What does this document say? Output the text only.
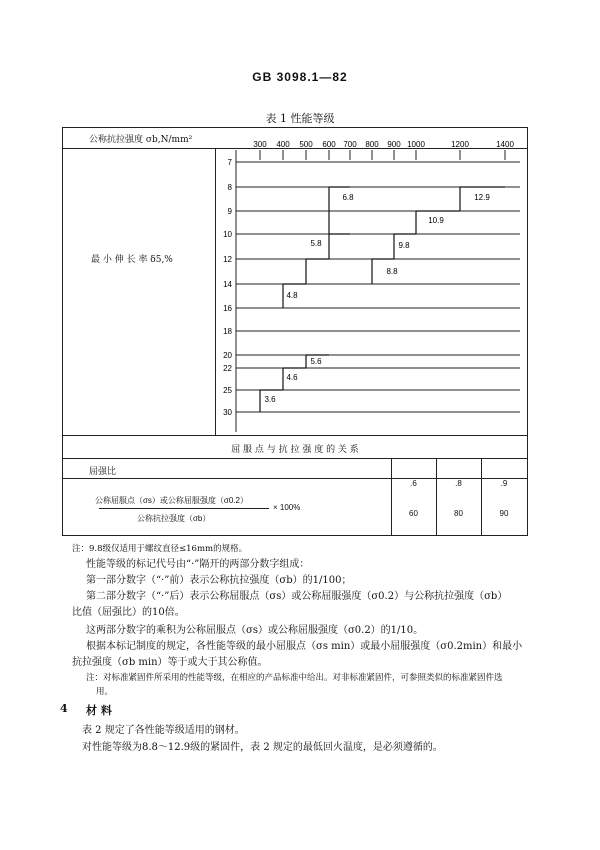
GB 3098.1—82
表 1 性能等级
公称抗拉强度 σb,N/mm²
最 小 伸 长 率 δ5,%
屈 服 点 与 抗 拉 强 度 的 关 系
屈强比
公称屈服点（σs）或公称屈服强度（σ0.2）
× 100%
公称抗拉强度（σb）
.6	.8	.9
60	80	90
300 400 500 600 700 800 900 1000	1200	1400
7
8
9
10
12
14
16
18
20
22
25
30
3.6
4.6
5.6
4.8
5.8
6.8
8.8
9.8
10.9
12.9
注：9.8级仅适用于螺纹直径≤16mm的规格。
性能等级的标记代号由“·”隔开的两部分数字组成：
第一部分数字（“·”前）表示公称抗拉强度（σb）的1/100；
第二部分数字（“·”后）表示公称屈服点（σs）或公称屈服强度（σ0.2）与公称抗拉强度（σb）
比值（屈强比）的10倍。
这两部分数字的乘积为公称屈服点（σs）或公称屈服强度（σ0.2）的1/10。
根据本标记制度的规定，各性能等级的最小屈服点（σs min）或最小屈服强度（σ0.2min）和最小
抗拉强度（σb min）等于或大于其公称值。
注：对标准紧固件所采用的性能等级，在相应的产品标准中给出。对非标准紧固件，可参照类似的标准紧固件选
用。
4 材 料
表 2 规定了各性能等级适用的钢材。
对性能等级为8.8～12.9级的紧固件，表 2 规定的最低回火温度，是必须遵循的。
